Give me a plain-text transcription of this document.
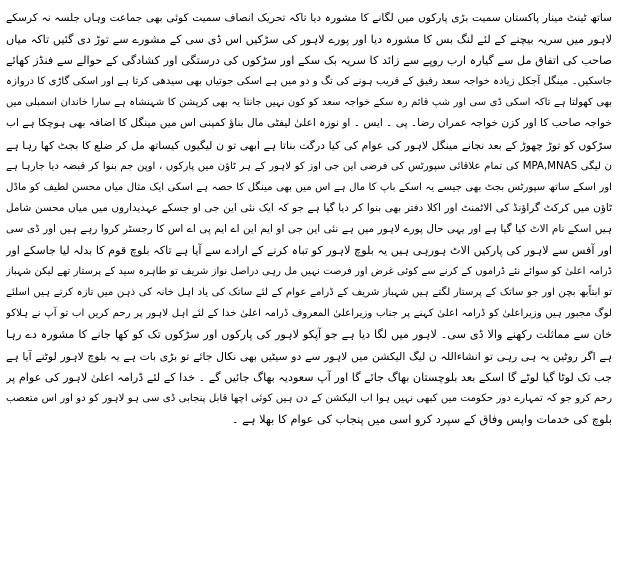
ساتھ ٹینٹ مینار پاکستان سمیت بڑی پارکوں میں لگانے کا مشورہ دیا تاکہ تحریک انصاف سمیت کوئی بھی جماعت وہاں جلسہ نہ کرسکے
لاہور میں سریہ بیچنے کے لئے لنگ بس کا مشورہ دیا اور پورے لاہور کی سڑکیں اس ڈی سی کے مشورے سے توڑ دی گئیں تاکہ میاں
صاحب کی اتفاق مل سے گیارہ ارب روپے سے زائد کا سریہ بک سکے اور سڑکوں کی درستگی اور کشادگی کے حوالے سے فنڈز کھائے
جاسکیں۔ مینگل آجکل زیادہ خواجہ سعد رفیق کے قریب ہونے کی تگ و دو میں ہے اسکی جوتیاں بھی سیدھی کرتا ہے اور اسکی گاڑی کا دروازہ
بھی کھولتا ہے تاکہ اسکی ڈی سی اور شپ قائم رہ سکے خواجہ سعد کو کون نہیں جانتا یہ بھی کرپشن کا شہنشاہ ہے سارا خاندان اسمبلی میں
خواجہ صاحب کا اور کزن خواجہ عمران رضا۔ پی ۔ ایس ۔ او نوزہ اعلیٰ لیفٹی مال بناؤ کمپنی اس میں مینگل کا اضافہ بھی ہوچکا ہے اب
سڑکوں کو توڑ چھوڑ کے بعد نجانے مینگل لاہور کی عوام کی کیا درگت بناتا ہے ابھی تو ن لیگیوں کیساتھ مل کر ضلع کا بجٹ کھا رہا ہے
ن لیگی MPA,MNAS کی تمام علاقائی سپورٹس کی فرضی این جی اوز کو لاہور کے ہر ٹاؤن میں پارکوں ، اوپن جم بنوا کر قبضہ دیا جارہا ہے
اور اسکے ساتھ سپورٹس بجٹ بھی جیسے یہ اسکے باپ کا مال ہے اس میں بھی مینگل کا حصہ ہے اسکی ایک مثال میاں محسن لطیف کو ماڈل
ٹاؤن میں کرکٹ گراؤنڈ کی الاٹمنٹ اور اکلا دفتر بھی بنوا کر دیا گیا ہے جو کہ ایک نئی این جی او جسکے عہدیداروں میں میاں محسن شامل
ہیں اسکے نام الاٹ کیا گیا ہے اور یہی حال پورے لاہور میں ہے نئی این جی او ایم این اے ایم پی اے اس کا رجسٹر کروا رہے ہیں اور ڈی سی
اور آفس سے لاہور کی پارکیں الاٹ ہورہی ہیں یہ بلوچ لاہور کو تباہ کرنے کے ارادے سے آیا ہے تاکہ بلوچ قوم کا بدلہ لیا جاسکے اور
ڈرامہ اعلیٰ کو سوائے نئے ڈراموں کے کرنے سے کوئی غرض اور فرصت نہیں مل رہی دراصل نواز شریف تو طاہرہ سید کے پرستار تھے لیکن شہباز
تو ابتاًبھ بچن اور جو ساتک کے پرستار لگتے ہیں شہباز شریف کے ڈرامے عوام کے لئے ساتک کی یاد اہل خانہ کی ذہن میں تازہ کرتے ہیں اسلئے
لوگ مجبور ہیں وزیراعلیٰ کو ڈرامہ اعلیٰ کہنے پر جناب وزیراعلیٰ المعروف ڈرامہ اعلیٰ خدا کے لئے اہل لاہور پر رحم کریں اب تو آپ نے ہلاکو
خان سے مماثلت رکھنے والا ڈی سی۔ لاہور میں لگا دیا ہے جو آپکو لاہور کی پارکوں اور سڑکوں تک کو کھا جانے کا مشورہ دے رہا
ہے اگر روٹین یہ ہی رہی تو انشاءاللہ ن لیگ الیکشن میں لاہور سے دو سیٹیں بھی نکال جائے تو بڑی بات ہے یہ بلوچ لاہور لوٹنے آیا ہے
جب تک لوٹا گیا لوٹے گا اسکے بعد بلوچستان بھاگ جائے گا اور آپ سعودیہ بھاگ جائیں گے ۔ خدا کے لئے ڈرامہ اعلیٰ لاہور کی عوام پر
رحم کرو جو کہ تمہارے دور حکومت میں کبھی نہیں ہوا اب الیکشن کے دن ہیں کوئی اچھا قابل پنجابی ڈی سی ہو لاہور کو دو اور اس متعصب
بلوچ کی خدمات واپس وفاق کے سپرد کرو اسی میں پنجاب کی عوام کا بھلا ہے ۔
